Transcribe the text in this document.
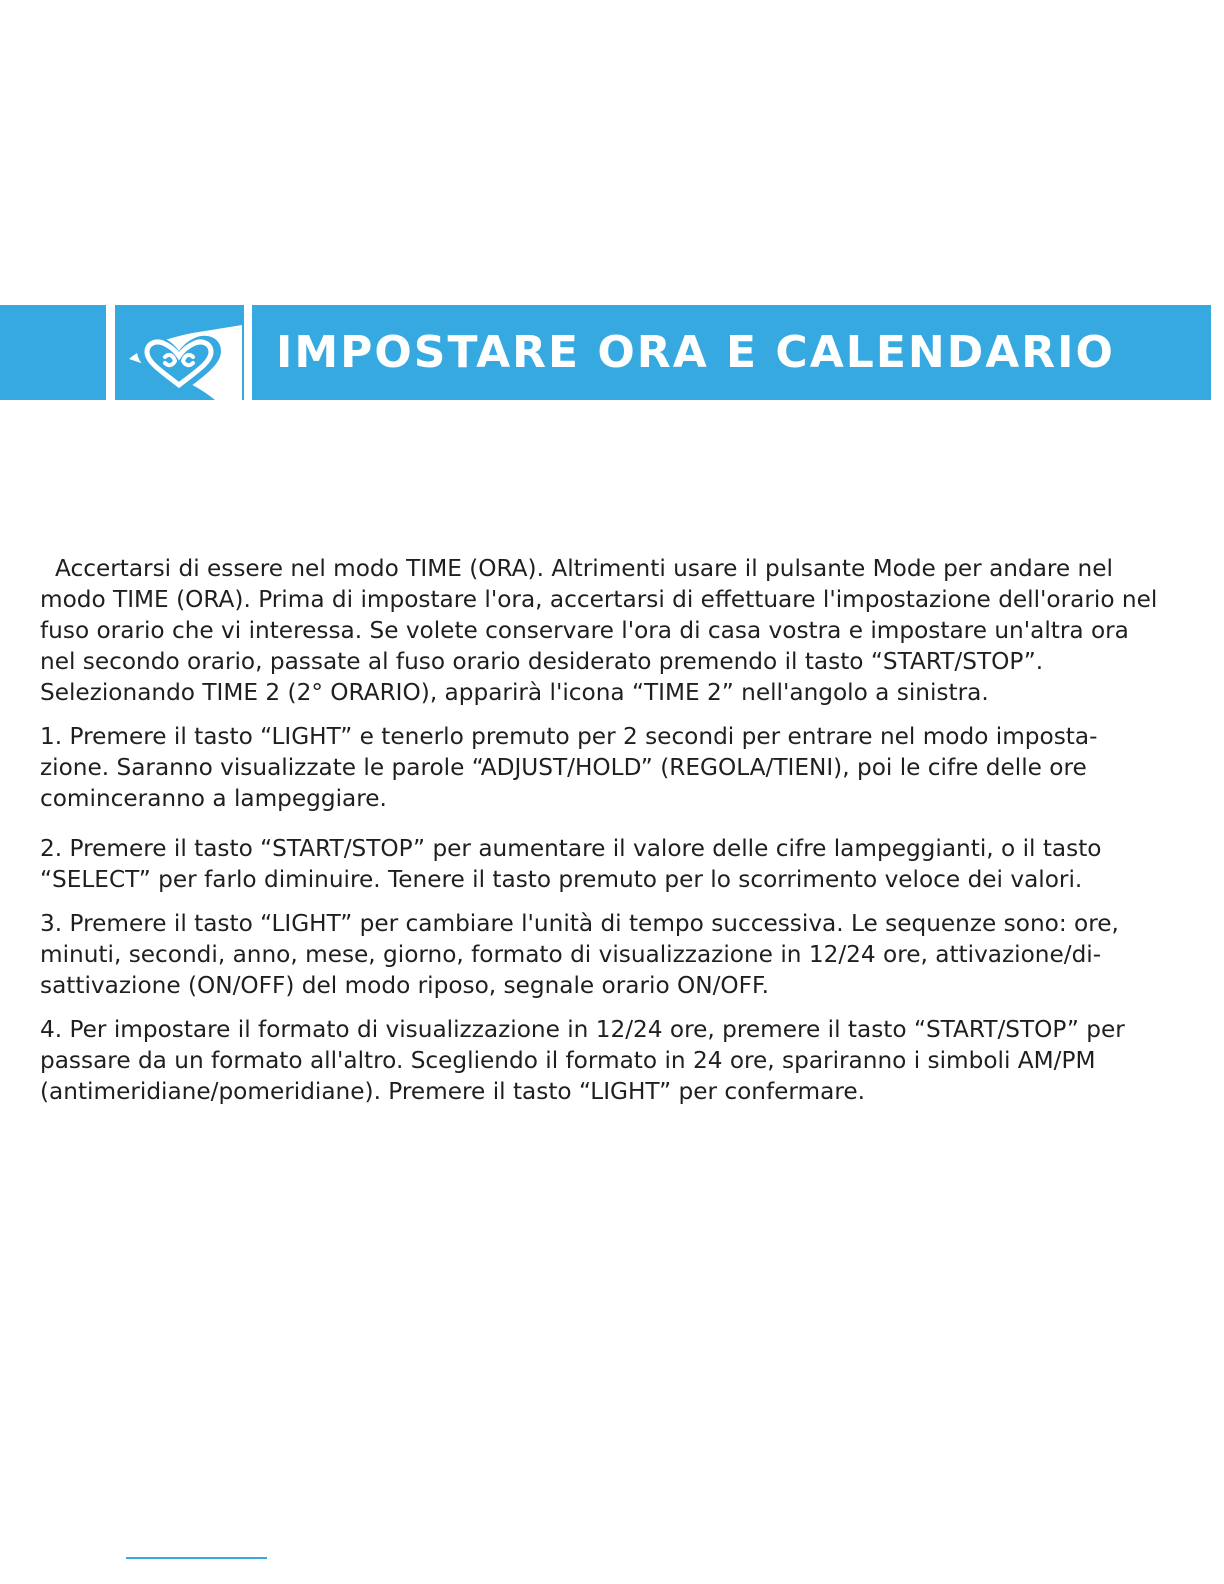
IMPOSTARE ORA E CALENDARIO

Accertarsi di essere nel modo TIME (ORA). Altrimenti usare il pulsante Mode per andare nel modo TIME (ORA). Prima di impostare l'ora, accertarsi di effettuare l'impostazione dell'orario nel fuso orario che vi interessa. Se volete conservare l'ora di casa vostra e impostare un'altra ora nel secondo orario, passate al fuso orario desiderato premendo il tasto “START/STOP”. Selezionando TIME 2 (2° ORARIO), apparirà l'icona “TIME 2” nell'angolo a sinistra.

1. Premere il tasto “LIGHT” e tenerlo premuto per 2 secondi per entrare nel modo imposta-zione. Saranno visualizzate le parole “ADJUST/HOLD” (REGOLA/TIENI), poi le cifre delle ore cominceranno a lampeggiare.

2. Premere il tasto “START/STOP” per aumentare il valore delle cifre lampeggianti, o il tasto “SELECT” per farlo diminuire. Tenere il tasto premuto per lo scorrimento veloce dei valori.

3. Premere il tasto “LIGHT” per cambiare l'unità di tempo successiva. Le sequenze sono: ore, minuti, secondi, anno, mese, giorno, formato di visualizzazione in 12/24 ore, attivazione/di-sattivazione (ON/OFF) del modo riposo, segnale orario ON/OFF.

4. Per impostare il formato di visualizzazione in 12/24 ore, premere il tasto “START/STOP” per passare da un formato all'altro. Scegliendo il formato in 24 ore, spariranno i simboli AM/PM (antimeridiane/pomeridiane). Premere il tasto “LIGHT” per confermare.
